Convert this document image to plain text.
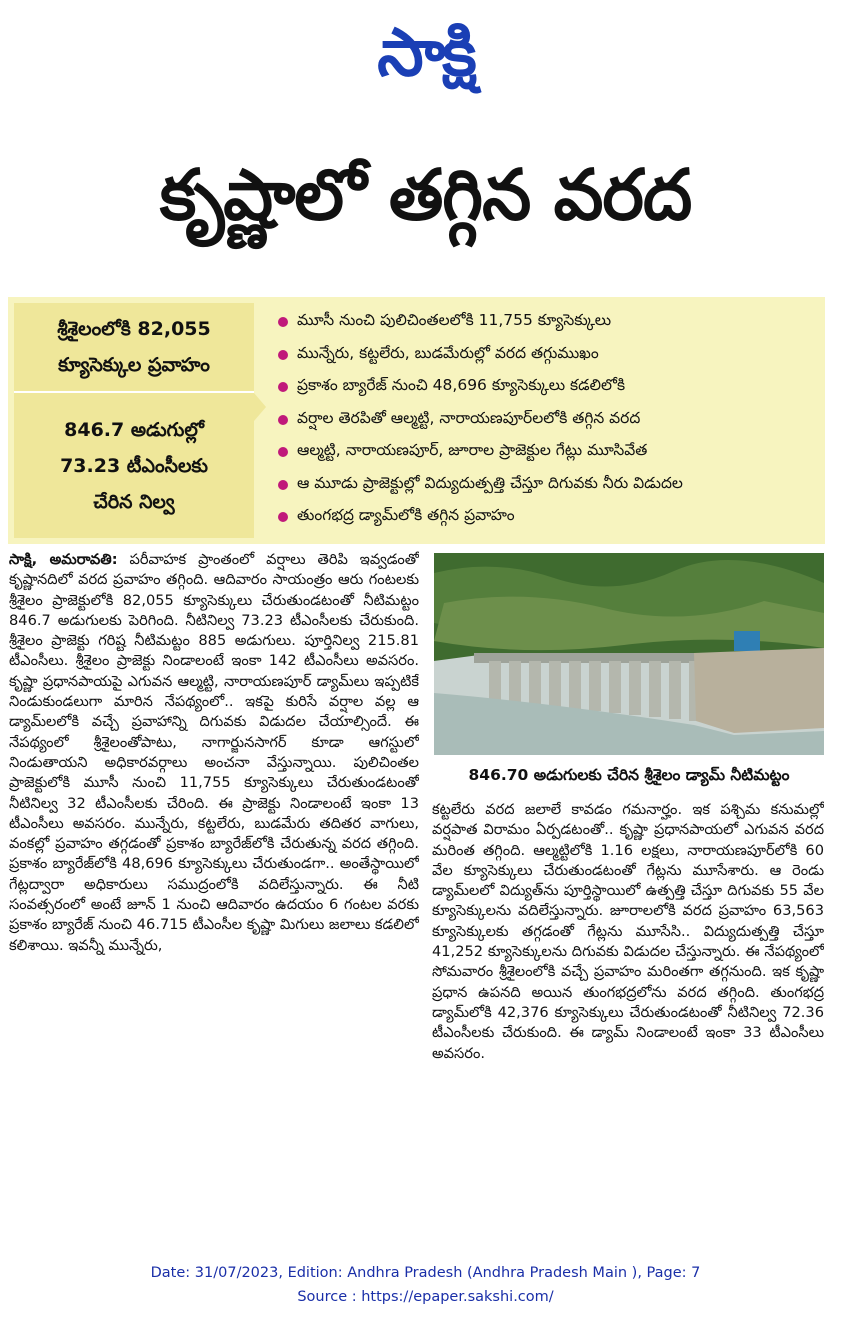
సాక్షి
కృష్ణాలో తగ్గిన వరద
శ్రీశైలంలోకి 82,055
క్యూసెక్కుల ప్రవాహం
846.7 అడుగుల్లో
73.23 టీఎంసీలకు
చేరిన నిల్వ
మూసీ నుంచి పులిచింతలలోకి 11,755 క్యూసెక్కులు
మున్నేరు, కట్టలేరు, బుడమేరుల్లో వరద తగ్గుముఖం
ప్రకాశం బ్యారేజ్ నుంచి 48,696 క్యూసెక్కులు కడలిలోకి
వర్షాల తెరపితో ఆల్మట్టి, నారాయణపూర్‌లలోకి తగ్గిన వరద
ఆల్మట్టి, నారాయణపూర్, జూరాల ప్రాజెక్టుల గేట్లు మూసివేత
ఆ మూడు ప్రాజెక్టుల్లో విద్యుదుత్పత్తి చేస్తూ దిగువకు నీరు విడుదల
తుంగభద్ర డ్యామ్‌లోకి తగ్గిన ప్రవాహం
సాక్షి, అమరావతి: పరీవాహక ప్రాంతంలో వర్షాలు తెరిపి ఇవ్వడంతో కృష్ణానదిలో వరద ప్రవాహం తగ్గింది. ఆదివారం సాయంత్రం ఆరు గంటలకు శ్రీశైలం ప్రాజెక్టులోకి 82,055 క్యూసెక్కులు చేరుతుండటంతో నీటిమట్టం 846.7 అడుగులకు పెరిగింది. నీటినిల్వ 73.23 టీఎంసీలకు చేరుకుంది. శ్రీశైలం ప్రాజెక్టు గరిష్ట నీటిమట్టం 885 అడుగులు. పూర్తినిల్వ 215.81 టీఎంసీలు. శ్రీశైలం ప్రాజెక్టు నిండాలంటే ఇంకా 142 టీఎంసీలు అవసరం. కృష్ణా ప్రధానపాయపై ఎగువన ఆల్మట్టి, నారాయణపూర్ డ్యామ్‌లు ఇప్పటికే నిండుకుండలుగా మారిన నేపథ్యంలో.. ఇకపై కురిసే వర్షాల వల్ల ఆ డ్యామ్‌లలోకి వచ్చే ప్రవాహాన్ని దిగువకు విడుదల చేయాల్సిందే. ఈ నేపథ్యంలో శ్రీశైలంతోపాటు, నాగార్జునసాగర్ కూడా ఆగస్టులో నిండుతాయని అధికారవర్గాలు అంచనా వేస్తున్నాయి. పులిచింతల ప్రాజెక్టులోకి మూసీ నుంచి 11,755 క్యూసెక్కులు చేరుతుండటంతో నీటినిల్వ 32 టీఎంసీలకు చేరింది. ఈ ప్రాజెక్టు నిండాలంటే ఇంకా 13 టీఎంసీలు అవసరం. మున్నేరు, కట్టలేరు, బుడమేరు తదితర వాగులు, వంకల్లో ప్రవాహం తగ్గడంతో ప్రకాశం బ్యారేజ్‌లోకి చేరుతున్న వరద తగ్గింది. ప్రకాశం బ్యారేజ్‌లోకి 48,696 క్యూసెక్కులు చేరుతుండగా.. అంతేస్థాయిలో గేట్లద్వారా అధికారులు సముద్రంలోకి వదిలేస్తున్నారు. ఈ నీటి సంవత్సరంలో అంటే జూన్ 1 నుంచి ఆదివారం ఉదయం 6 గంటల వరకు ప్రకాశం బ్యారేజ్ నుంచి 46.715 టీఎంసీల కృష్ణా మిగులు జలాలు కడలిలో కలిశాయి. ఇవన్నీ మున్నేరు,
846.70 అడుగులకు చేరిన శ్రీశైలం డ్యామ్ నీటిమట్టం
కట్టలేరు వరద జలాలే కావడం గమనార్హం. ఇక పశ్చిమ కనుమల్లో వర్షపాత విరామం ఏర్పడటంతో.. కృష్ణా ప్రధానపాయలో ఎగువన వరద మరింత తగ్గింది. ఆల్మట్టిలోకి 1.16 లక్షలు, నారాయణపూర్‌లోకి 60 వేల క్యూసెక్కులు చేరుతుండటంతో గేట్లను మూసేశారు. ఆ రెండు డ్యామ్‌లలో విద్యుత్‌ను పూర్తిస్థాయిలో ఉత్పత్తి చేస్తూ దిగువకు 55 వేల క్యూసెక్కులను వదిలేస్తున్నారు. జూరాలలోకి వరద ప్రవాహం 63,563 క్యూసెక్కులకు తగ్గడంతో గేట్లను మూసేసి.. విద్యుదుత్పత్తి చేస్తూ 41,252 క్యూసెక్కులను దిగువకు విడుదల చేస్తున్నారు. ఈ నేపథ్యంలో సోమవారం శ్రీశైలంలోకి వచ్చే ప్రవాహం మరింతగా తగ్గనుంది. ఇక కృష్ణా ప్రధాన ఉపనది అయిన తుంగభద్రలోను వరద తగ్గింది. తుంగభద్ర డ్యామ్‌లోకి 42,376 క్యూసెక్కులు చేరుతుండటంతో నీటినిల్వ 72.36 టీఎంసీలకు చేరుకుంది. ఈ డ్యామ్ నిండాలంటే ఇంకా 33 టీఎంసీలు అవసరం.
Date: 31/07/2023, Edition: Andhra Pradesh (Andhra Pradesh Main ), Page: 7
Source : https://epaper.sakshi.com/
